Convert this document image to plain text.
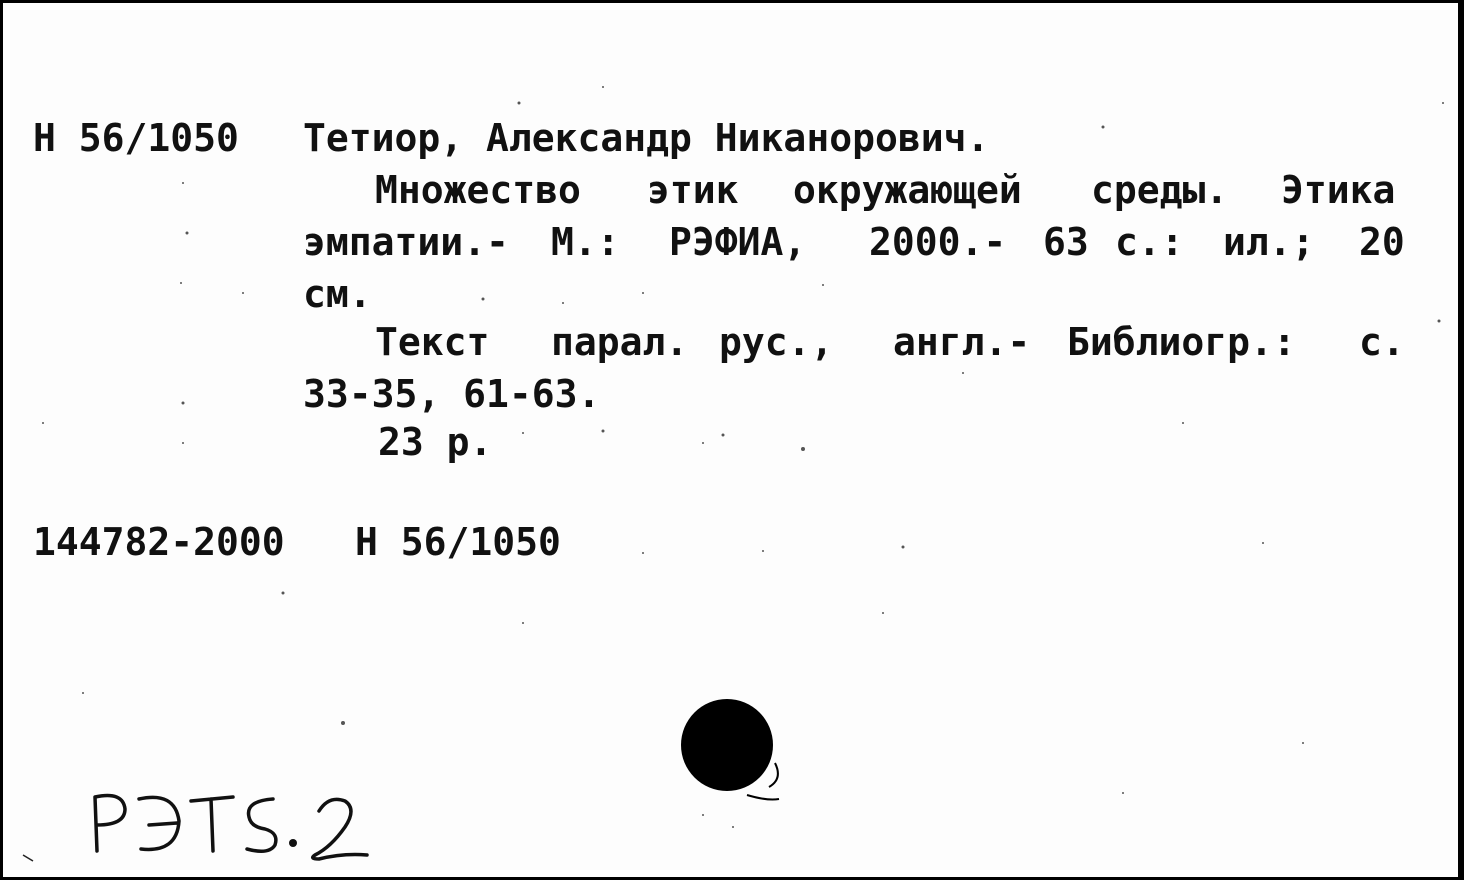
Н 56/1050 Тетиор, Александр Никанорович.

Множество

этик

окружающей

среды.

Этика

эмпатии.-

М.:

РЭФИА,

2000.-

63

с.:

ил.;

20

см.

Текст

парал.

рус.,

англ.-

Библиогр.:

с.

33-35, 61-63.
23 р.
144782-2000 Н 56/1050
